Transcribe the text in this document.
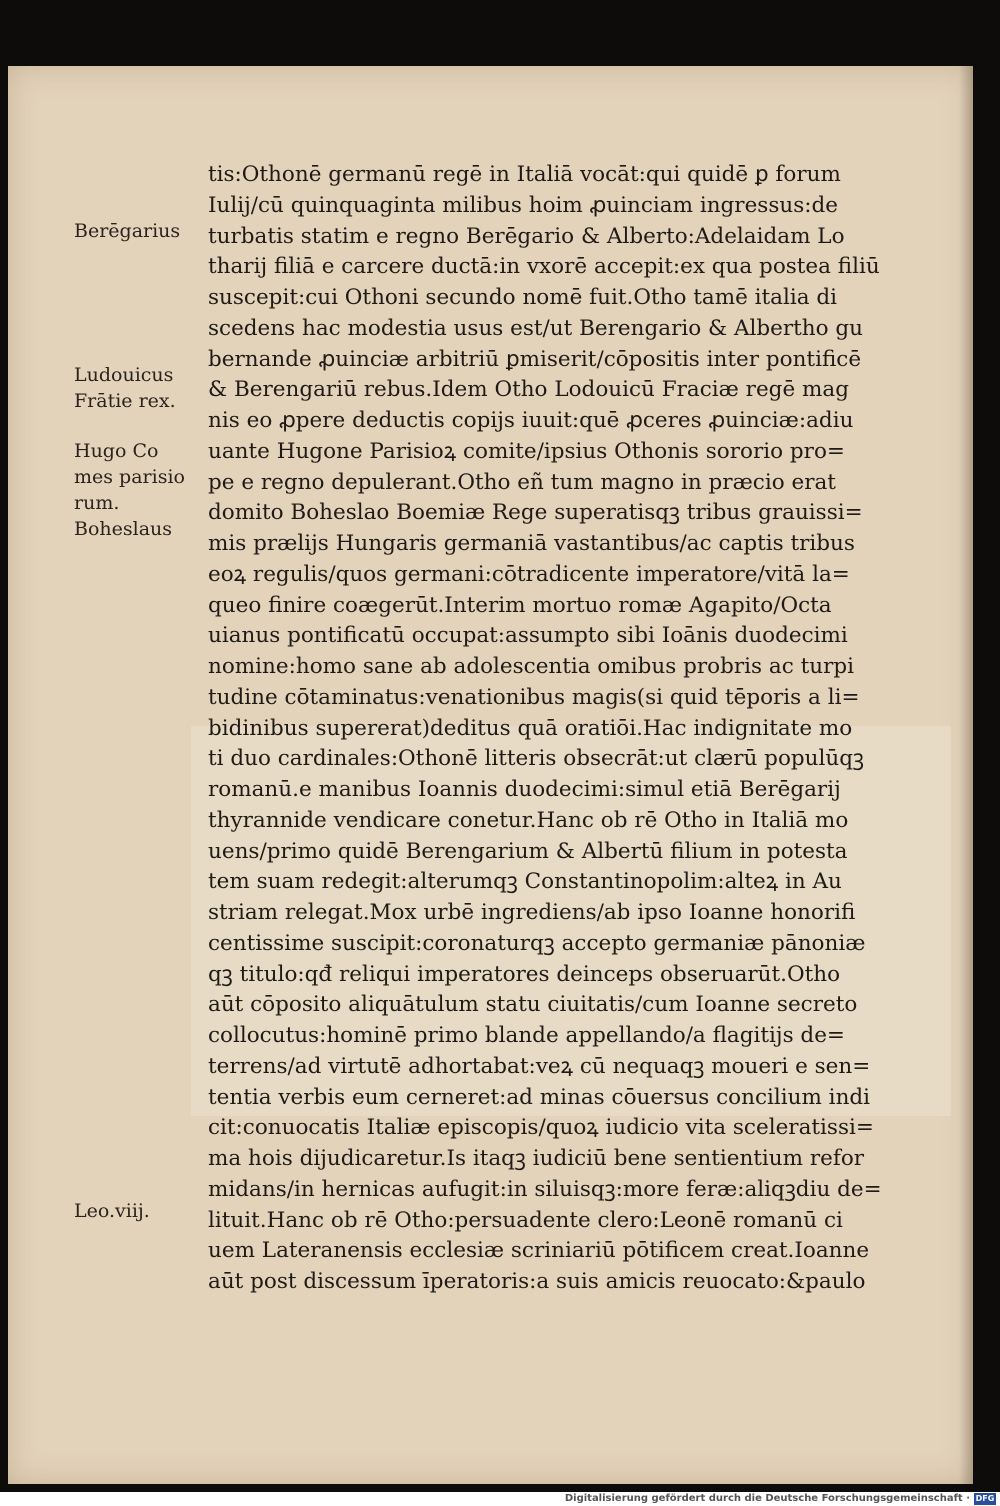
tis:Othonē germanū regē in Italiā vocāt:qui quidē ꝑ forum
Iulij/cū quinquaginta milibus hoim ꝓuinciam ingressus:de
turbatis statim e regno Berēgario & Alberto:Adelaidam Lo
tharij filiā e carcere ductā:in vxorē accepit:ex qua postea filiū
suscepit:cui Othoni secundo nomē fuit.Otho tamē italia di
scedens hac modestia usus est/ut Berengario & Albertho gu
bernande ꝓuinciæ arbitriū ꝑmiserit/cōpositis inter pontificē
& Berengariū rebus.Idem Otho Lodouicū Fraciæ regē mag
nis eo ꝓpere deductis copijs iuuit:quē ꝓceres ꝓuinciæ:adiu
uante Hugone Parisioꝝ comite/ipsius Othonis sororio pro=
pe e regno depulerant.Otho eñ tum magno in præcio erat
domito Boheslao Boemiæ Rege superatisqꝫ tribus grauissi=
mis prælijs Hungaris germaniā vastantibus/ac captis tribus
eoꝝ regulis/quos germani:cōtradicente imperatore/vitā la=
queo finire coægerūt.Interim mortuo romæ Agapito/Octa
uianus pontificatū occupat:assumpto sibi Ioānis duodecimi
nomine:homo sane ab adolescentia omibus probris ac turpi
tudine cōtaminatus:venationibus magis(si quid tēporis a li=
bidinibus supererat)deditus quā oratiōi.Hac indignitate mo
ti duo cardinales:Othonē litteris obsecrāt:ut clærū populūqꝫ
romanū.e manibus Ioannis duodecimi:simul etiā Berēgarij
thyrannide vendicare conetur.Hanc ob rē Otho in Italiā mo
uens/primo quidē Berengarium & Albertū filium in potesta
tem suam redegit:alterumqꝫ Constantinopolim:alteꝝ in Au
striam relegat.Mox urbē ingrediens/ab ipso Ioanne honorifi
centissime suscipit:coronaturqꝫ accepto germaniæ pānoniæ
qꝫ titulo:qđ reliqui imperatores deinceps obseruarūt.Otho
aūt cōposito aliquātulum statu ciuitatis/cum Ioanne secreto
collocutus:hominē primo blande appellando/a flagitijs de=
terrens/ad virtutē adhortabat:veꝝ cū nequaqꝫ moueri e sen=
tentia verbis eum cerneret:ad minas cōuersus concilium indi
cit:conuocatis Italiæ episcopis/quoꝝ iudicio vita sceleratissi=
ma hois dijudicaretur.Is itaqꝫ iudiciū bene sentientium refor
midans/in hernicas aufugit:in siluisqꝫ:more feræ:aliqꝫdiu de=
lituit.Hanc ob rē Otho:persuadente clero:Leonē romanū ci
uem Lateranensis ecclesiæ scriniariū pōtificem creat.Ioanne
aūt post discessum īperatoris:a suis amicis reuocato:&paulo
Berēgarius
Ludouicus
Frātie rex.
Hugo Co
mes parisio
rum.
Boheslaus
Leo.viij.
Digitalisierung gefördert durch die Deutsche Forschungsgemeinschaft · DFG
